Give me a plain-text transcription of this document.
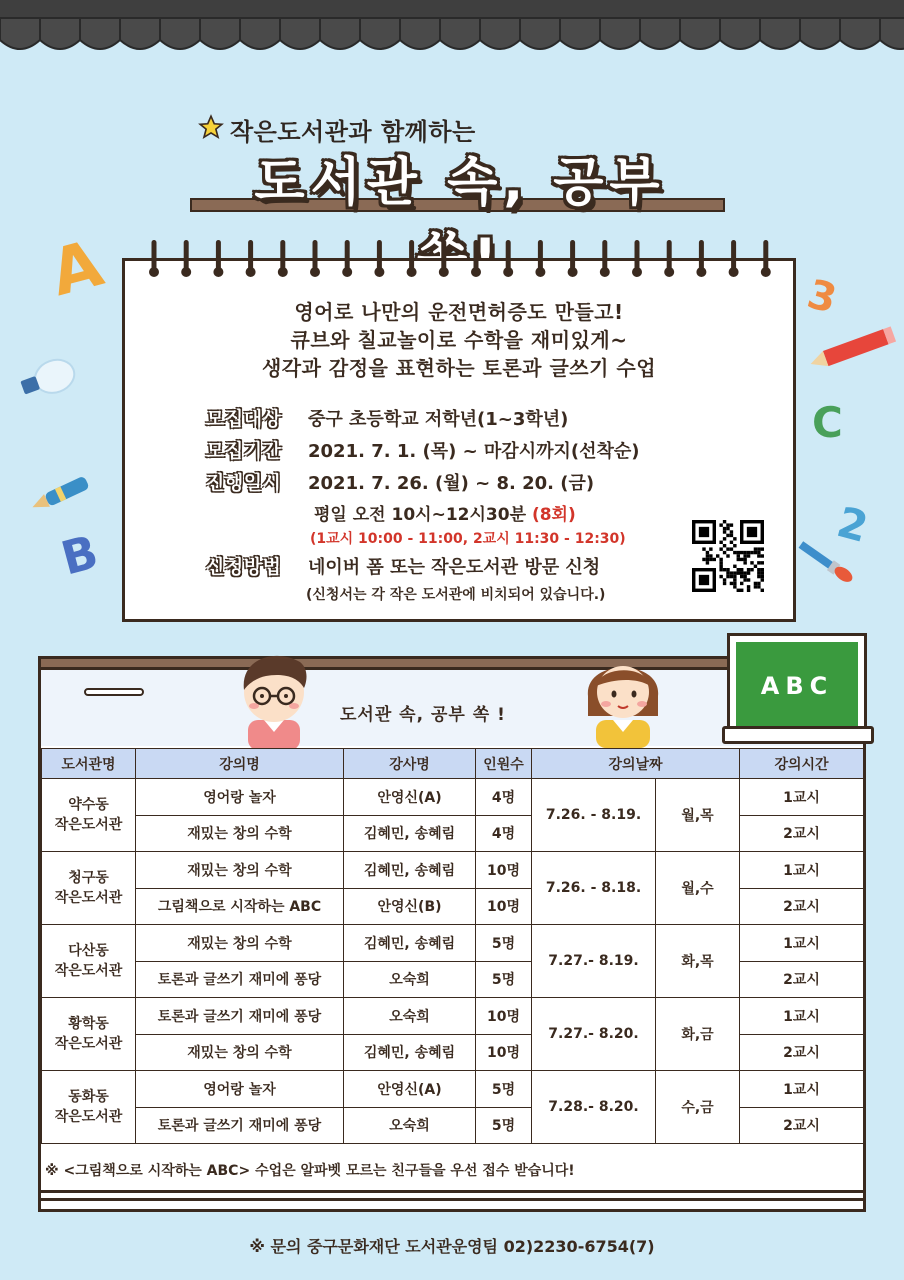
작은도서관과 함께하는
도서관 속, 공부
A
B
C
3
2
영어로 나만의 운전면허증도 만들고!
큐브와 칠교놀이로 수학을 재미있게~
생각과 감정을 표현하는 토론과 글쓰기 수업
모집대상	중구 초등학교 저학년(1~3학년)
모집기간	2021. 7. 1. (목) ~ 마감시까지(선착순)
진행일시	2021. 7. 26. (월) ~ 8. 20. (금)
평일 오전 10시~12시30분 (8회)
(1교시 10:00 - 11:00, 2교시 11:30 - 12:30)
신청방법	네이버 폼 또는 작은도서관 방문 신청
(신청서는 각 작은 도서관에 비치되어 있습니다.)
도서관 속, 공부 쏙 !
ABC
도서관명	강의명	강사명	인원수	강의날짜		강의시간

약수동
작은도서관	영어랑 놀자	안영신(A)	4명	7.26. - 8.19.	월,목	1교시
	재밌는 창의 수학	김혜민, 송혜림	4명			2교시

청구동
작은도서관	재밌는 창의 수학	김혜민, 송혜림	10명	7.26. - 8.18.	월,수	1교시
	그림책으로 시작하는 ABC	안영신(B)	10명			2교시

다산동
작은도서관	재밌는 창의 수학	김혜민, 송혜림	5명	7.27.- 8.19.	화,목	1교시
	토론과 글쓰기 재미에 퐁당	오숙희	5명			2교시

황학동
작은도서관	토론과 글쓰기 재미에 퐁당	오숙희	10명	7.27.- 8.20.	화,금	1교시
	재밌는 창의 수학	김혜민, 송혜림	10명			2교시

동화동
작은도서관	영어랑 놀자	안영신(A)	5명	7.28.- 8.20.	수,금	1교시
	토론과 글쓰기 재미에 퐁당	오숙희	5명			2교시
※ <그림책으로 시작하는 ABC> 수업은 알파벳 모르는 친구들을 우선 접수 받습니다!
※ 문의 중구문화재단 도서관운영팀 02)2230-6754(7)
